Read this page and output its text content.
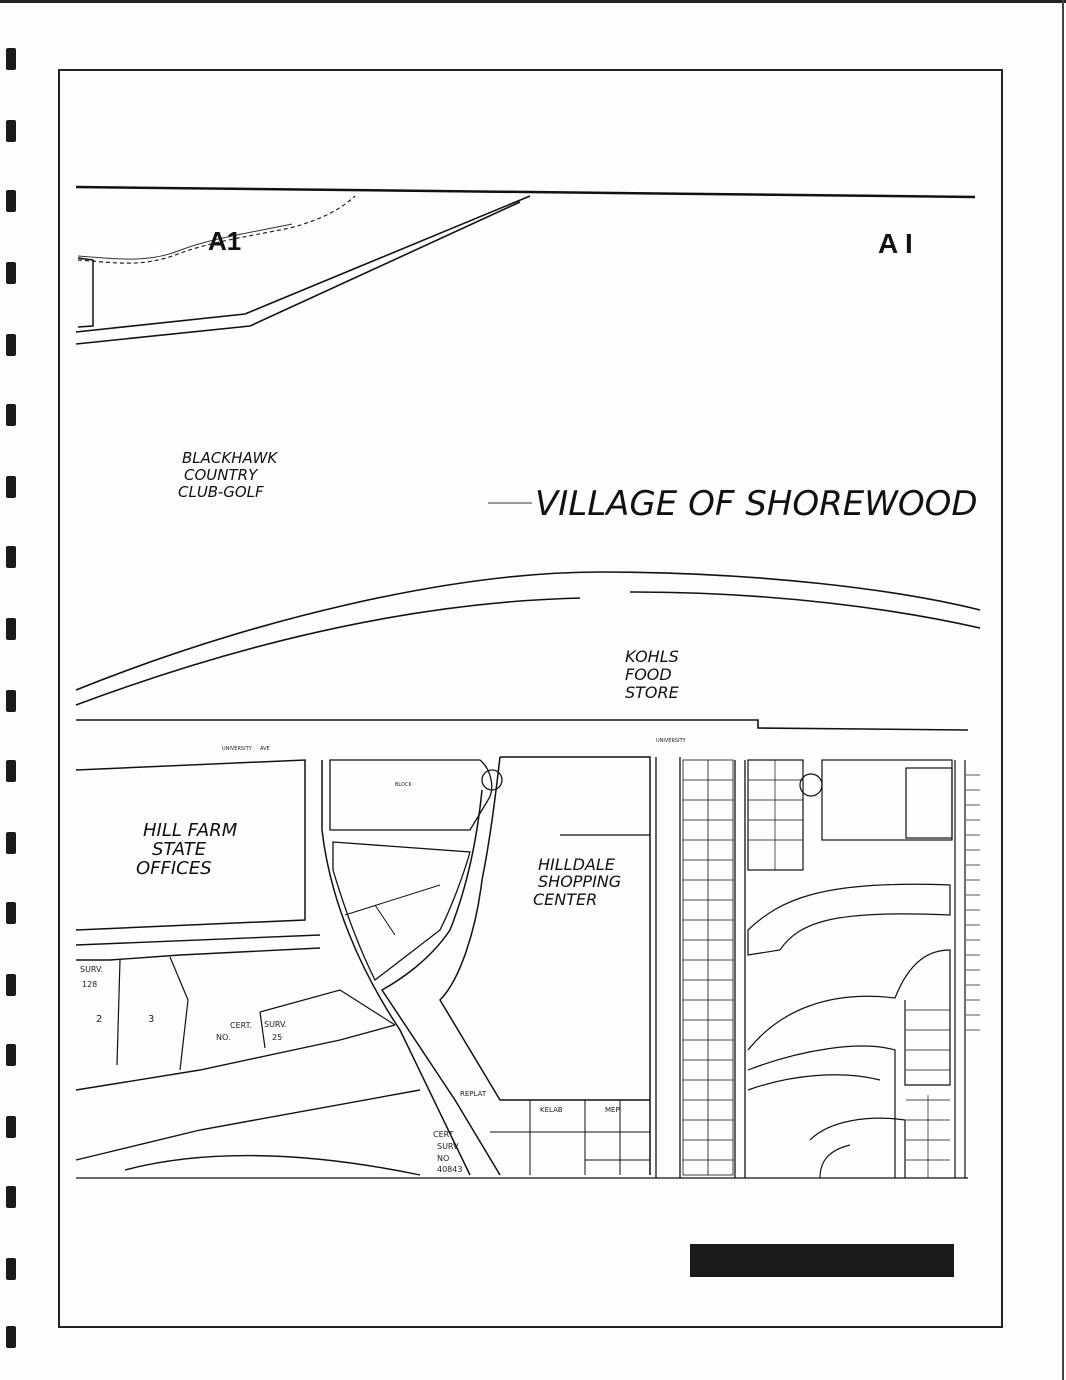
A1	A I
BLACKHAWK
COUNTRY
CLUB-GOLF	VILLAGE OF SHOREWOOD
KOHLS
FOOD
STORE
UNIVERSITY AVE
UNIVERSITY
HILL FARM
STATE
OFFICES
BLOCK
HILLDALE
SHOPPING
CENTER
SURV.
128
2	3
CERT.
NO.
SURV.
25
CERT
SURV
NO
40843
REPLAT
KELAB	MEP
